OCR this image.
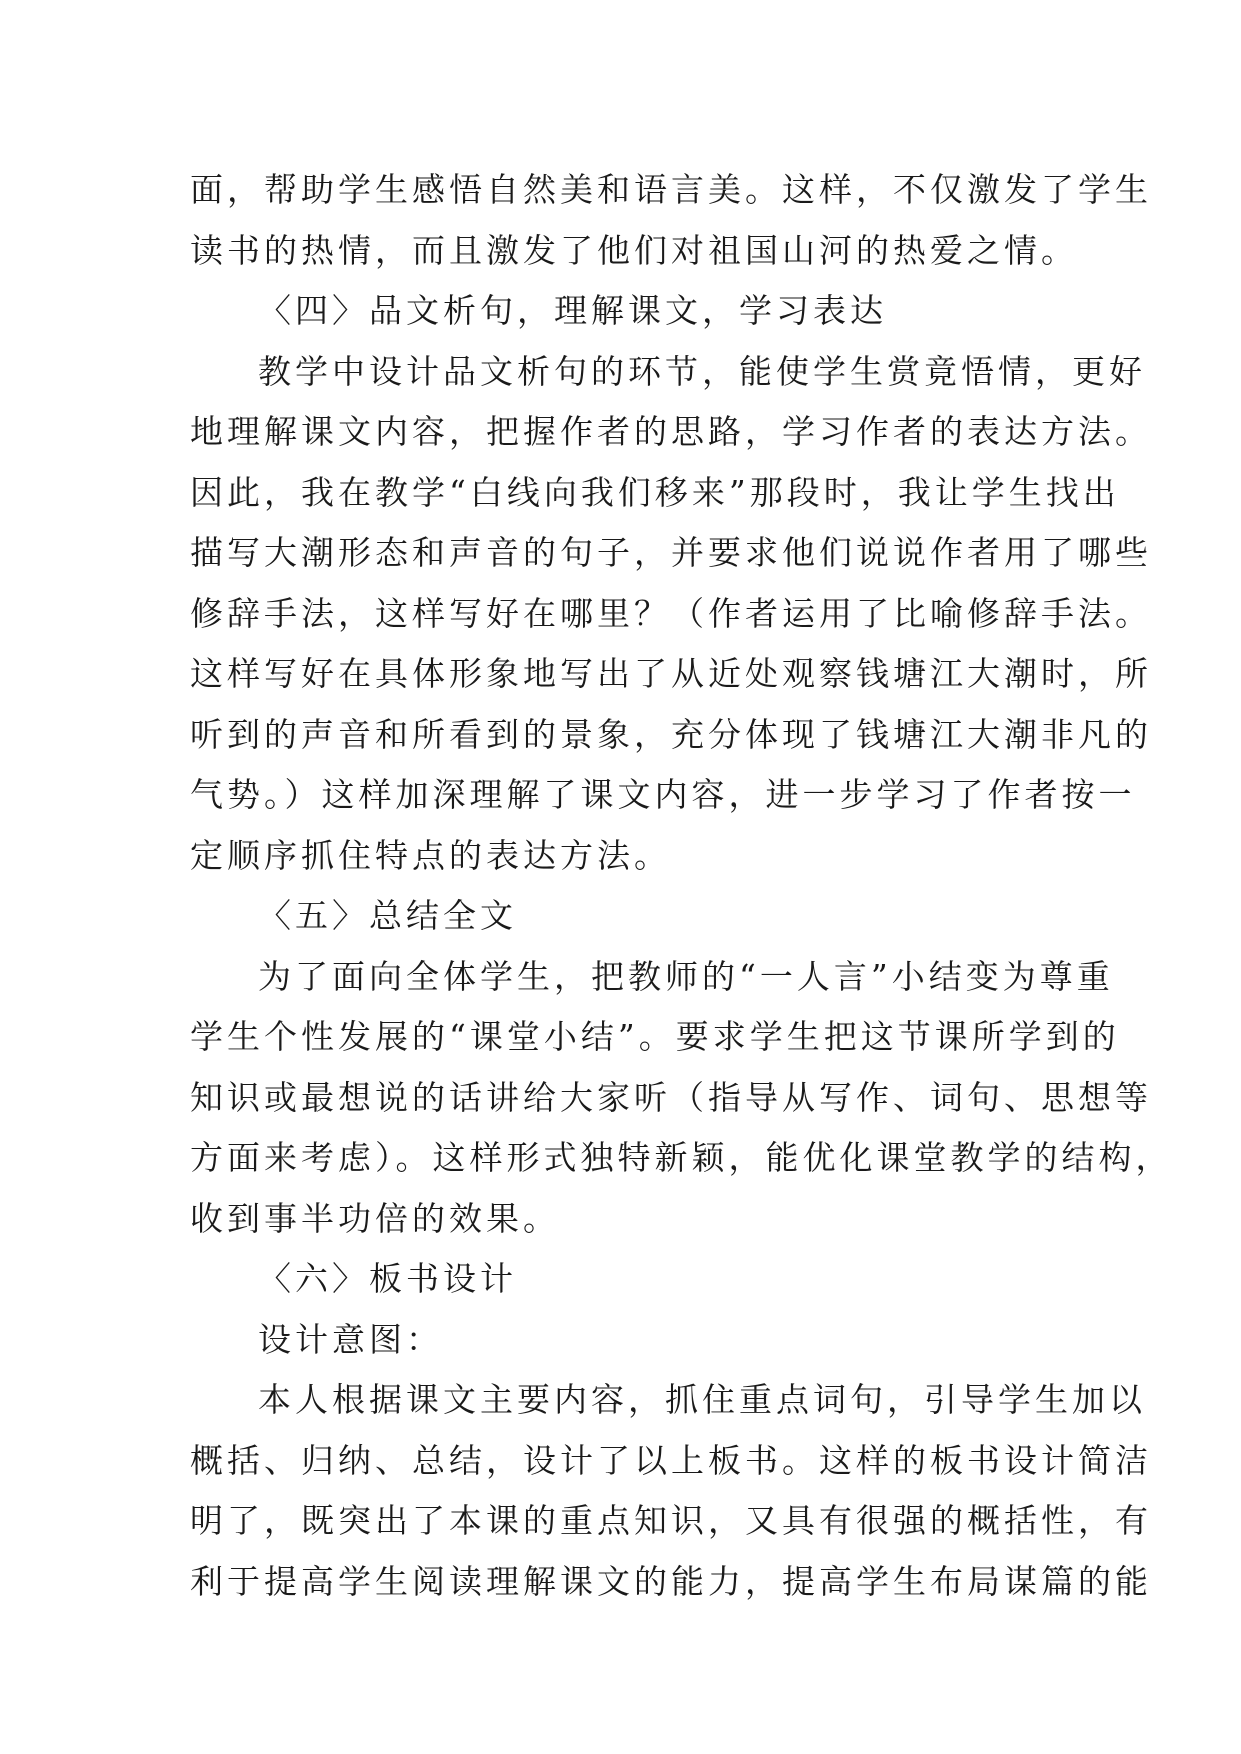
面，帮助学生感悟自然美和语言美。这样，不仅激发了学生
读书的热情，而且激发了他们对祖国山河的热爱之情。
〈四〉品文析句，理解课文，学习表达
教学中设计品文析句的环节，能使学生赏竟悟情，更好
地理解课文内容，把握作者的思路，学习作者的表达方法。
因此，我在教学“白线向我们移来”那段时，我让学生找出
描写大潮形态和声音的句子，并要求他们说说作者用了哪些
修辞手法，这样写好在哪里？（作者运用了比喻修辞手法。
这样写好在具体形象地写出了从近处观察钱塘江大潮时，所
听到的声音和所看到的景象，充分体现了钱塘江大潮非凡的
气势。）这样加深理解了课文内容，进一步学习了作者按一
定顺序抓住特点的表达方法。
〈五〉总结全文
为了面向全体学生，把教师的“一人言”小结变为尊重
学生个性发展的“课堂小结”。要求学生把这节课所学到的
知识或最想说的话讲给大家听（指导从写作、词句、思想等
方面来考虑）。这样形式独特新颖，能优化课堂教学的结构，
收到事半功倍的效果。
〈六〉板书设计
设计意图：
本人根据课文主要内容，抓住重点词句，引导学生加以
概括、归纳、总结，设计了以上板书。这样的板书设计简洁
明了，既突出了本课的重点知识，又具有很强的概括性，有
利于提高学生阅读理解课文的能力，提高学生布局谋篇的能
